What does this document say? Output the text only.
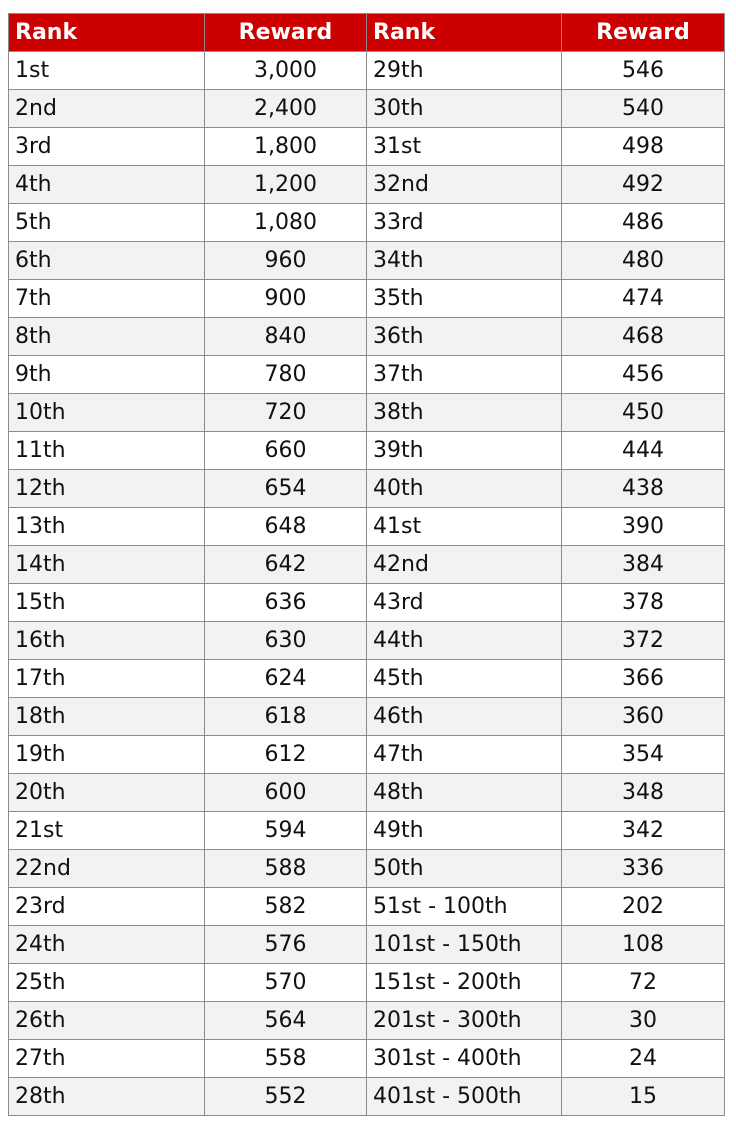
Rank	Reward	Rank	Reward
1st	3,000	29th	546
2nd	2,400	30th	540
3rd	1,800	31st	498
4th	1,200	32nd	492
5th	1,080	33rd	486
6th	960	34th	480
7th	900	35th	474
8th	840	36th	468
9th	780	37th	456
10th	720	38th	450
11th	660	39th	444
12th	654	40th	438
13th	648	41st	390
14th	642	42nd	384
15th	636	43rd	378
16th	630	44th	372
17th	624	45th	366
18th	618	46th	360
19th	612	47th	354
20th	600	48th	348
21st	594	49th	342
22nd	588	50th	336
23rd	582	51st - 100th	202
24th	576	101st - 150th	108
25th	570	151st - 200th	72
26th	564	201st - 300th	30
27th	558	301st - 400th	24
28th	552	401st - 500th	15
